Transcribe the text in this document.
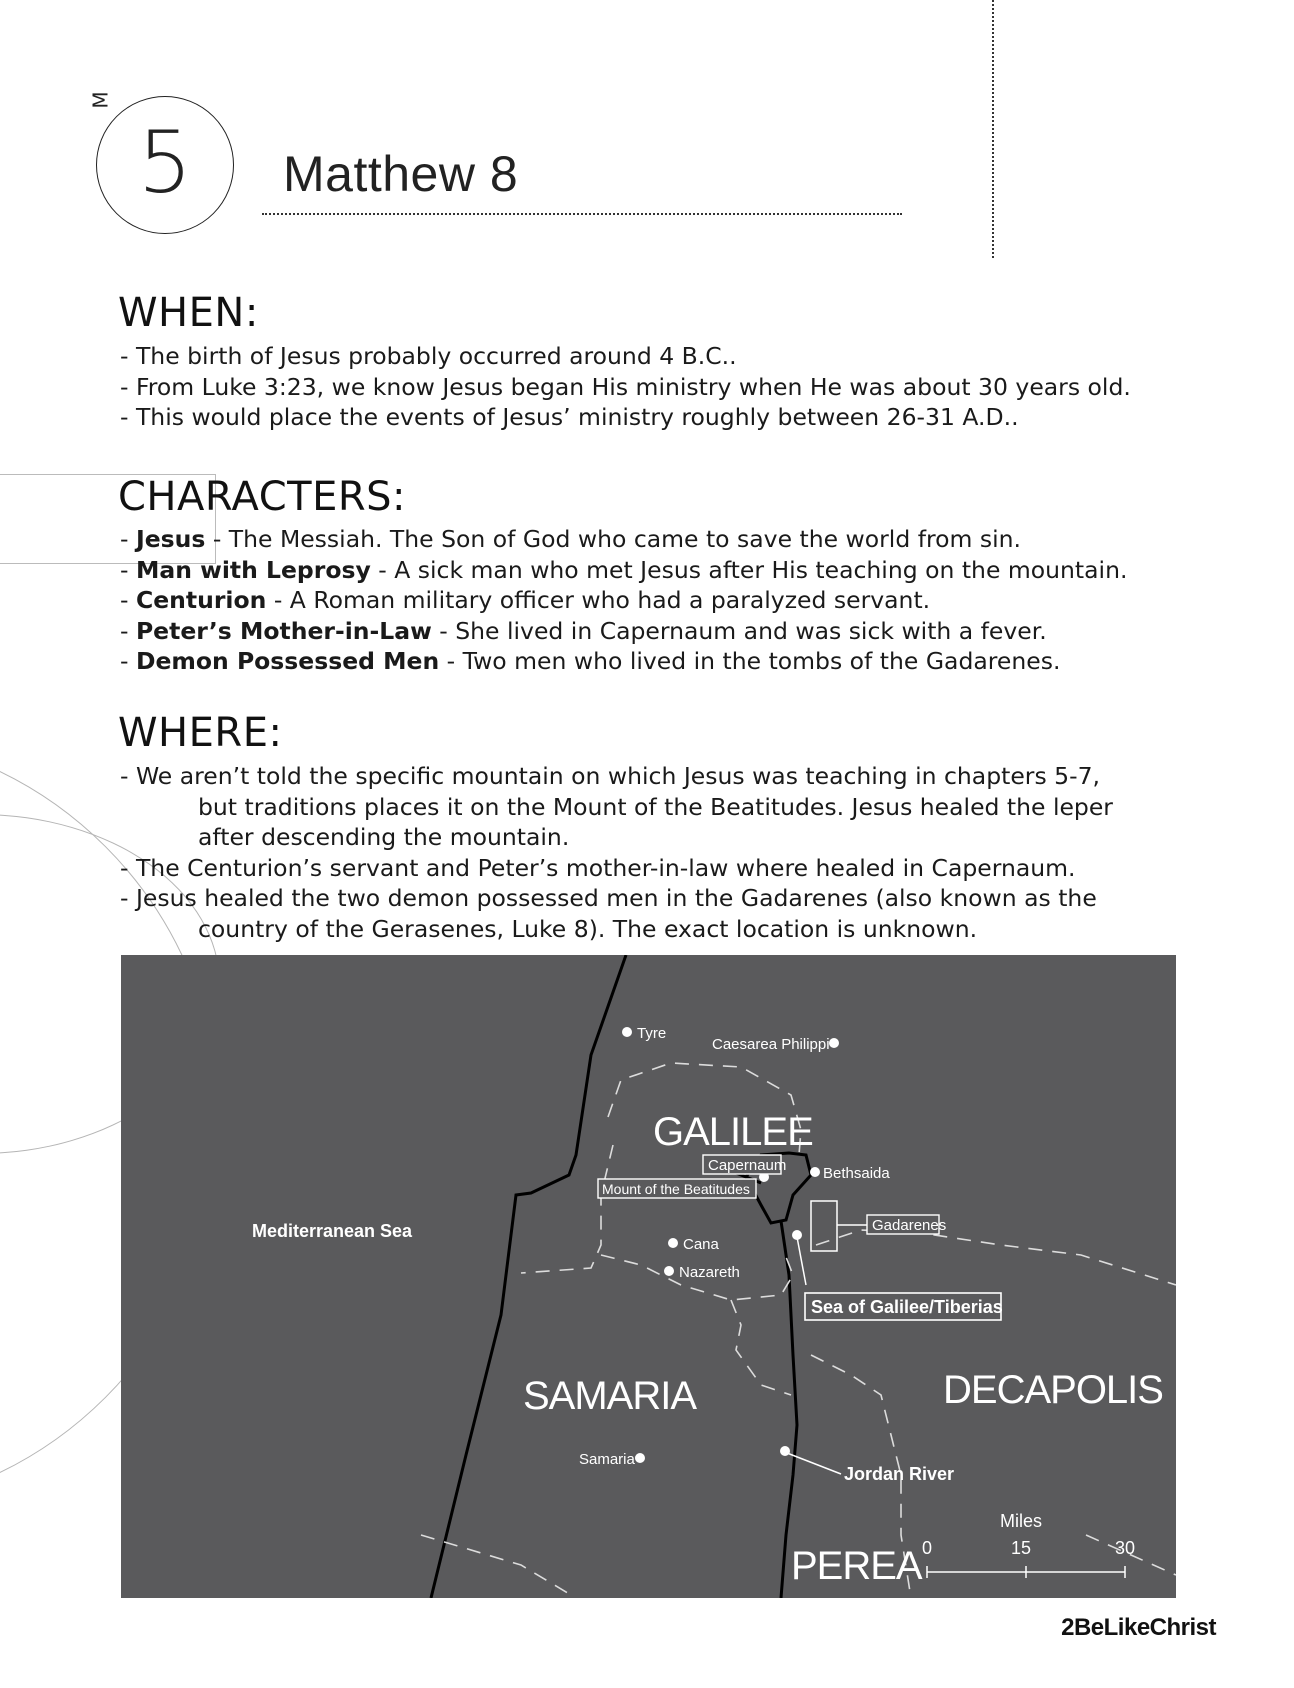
M
5	Matthew 8
WHEN:
- The birth of Jesus probably occurred around 4 B.C..
- From Luke 3:23, we know Jesus began His ministry when He was about 30 years old.
- This would place the events of Jesus’ ministry roughly between 26-31 A.D..
CHARACTERS:
- Jesus - The Messiah. The Son of God who came to save the world from sin.
- Man with Leprosy - A sick man who met Jesus after His teaching on the mountain.
- Centurion - A Roman military officer who had a paralyzed servant.
- Peter’s Mother-in-Law - She lived in Capernaum and was sick with a fever.
- Demon Possessed Men - Two men who lived in the tombs of the Gadarenes.
WHERE:
- We aren’t told the specific mountain on which Jesus was teaching in chapters 5-7,
but traditions places it on the Mount of the Beatitudes. Jesus healed the leper
after descending the mountain.
- The Centurion’s servant and Peter’s mother-in-law where healed in Capernaum.
- Jesus healed the two demon possessed men in the Gadarenes (also known as the
country of the Gerasenes, Luke 8). The exact location is unknown.
GALILEE
SAMARIA	DECAPOLIS
PEREA
Tyre
Caesarea Philippi
Mediterranean Sea
Capernaum
Mount of the Beatitudes
Bethsaida
Gadarenes
Cana
Nazareth
Sea of Galilee/Tiberias
Jordan River
Samaria
Miles
0	15	30
2BeLikeChrist
